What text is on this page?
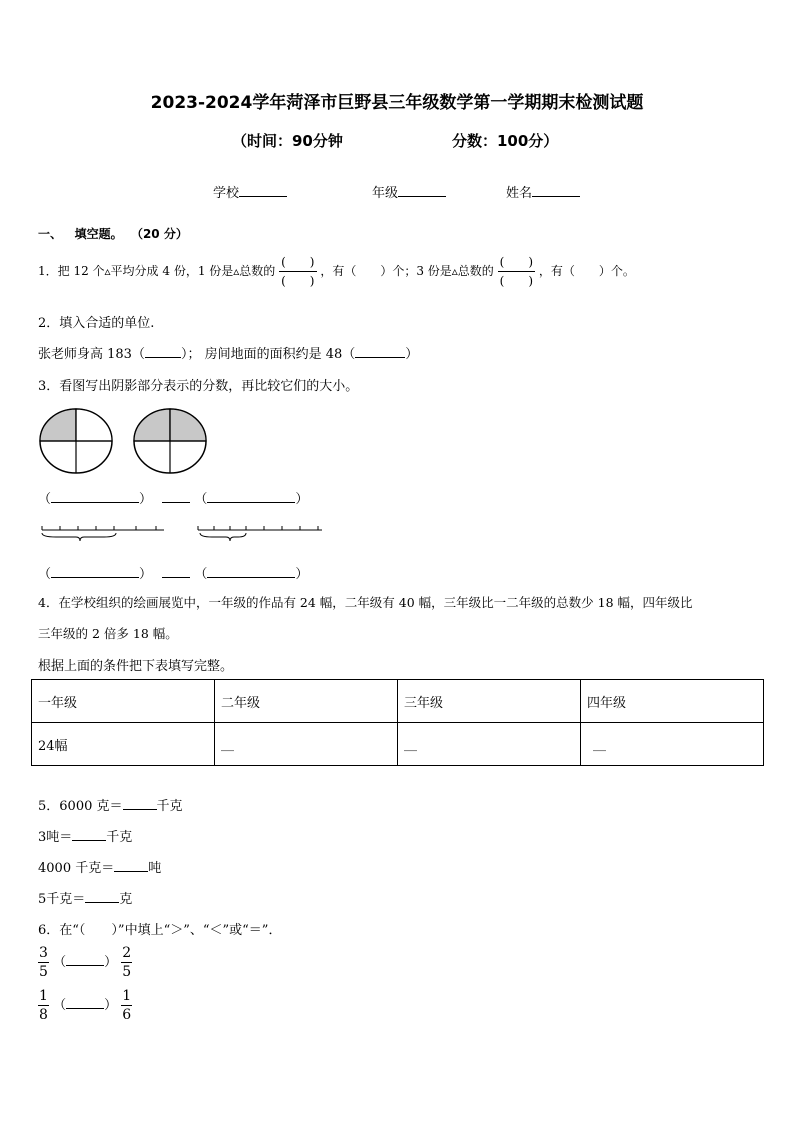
2023-2024学年菏泽市巨野县三年级数学第一学期期末检测试题
（时间：90分钟	分数：100分）
学校	年级	姓名
一、 填空题。 （20 分）
1．把 12 个▵平均分成 4 份，1 份是▵总数的 $\frac{( )}{( )}$ ，有（　　）个；3 份是▵总数的 $\frac{( )}{( )}$ ，有（　　）个。
2．填入合适的单位.
张老师身高 183（	）； 房间地面的面积约是 48（	）
3．看图写出阴影部分表示的分数，再比较它们的大小。
（	）	（	）
（	）	（	）
4．在学校组织的绘画展览中，一年级的作品有 24 幅，二年级有 40 幅，三年级比一二年级的总数少 18 幅，四年级比
三年级的 2 倍多 18 幅。
根据上面的条件把下表填写完整。
一年级	二年级	三年级	四年级
24幅	__	__	__
5．6000 克＝	千克
3吨＝	千克
4000 千克＝	吨
5千克＝	克
6．在“（　　）”中填上“＞”、“＜”或“＝”．
$\frac{3}{5}$ （	） $\frac{2}{5}$
$\frac{1}{8}$ （	） $\frac{1}{6}$
